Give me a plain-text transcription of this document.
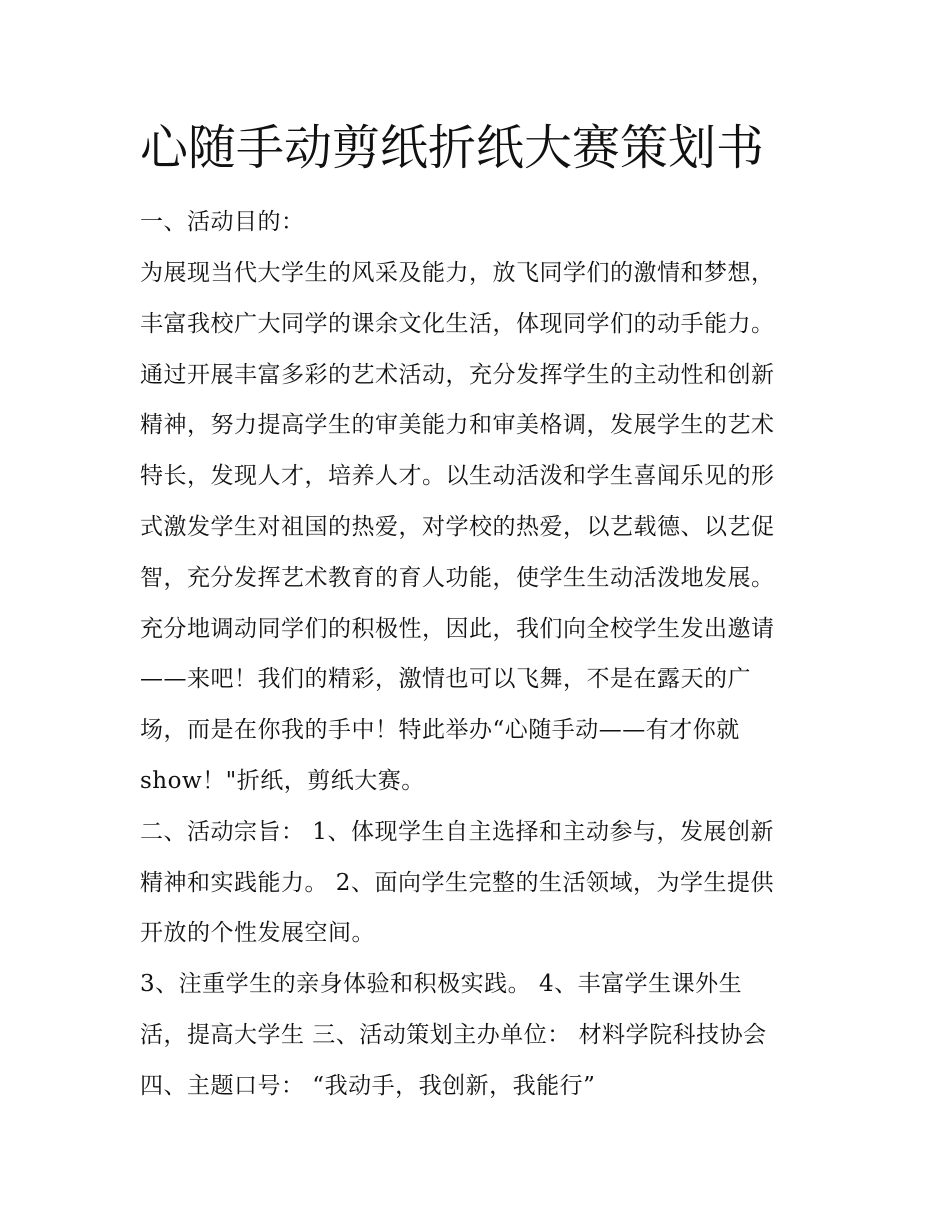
心随手动剪纸折纸大赛策划书

一、活动目的：

为展现当代大学生的风采及能力，放飞同学们的激情和梦想，

丰富我校广大同学的课余文化生活，体现同学们的动手能力。

通过开展丰富多彩的艺术活动，充分发挥学生的主动性和创新

精神，努力提高学生的审美能力和审美格调，发展学生的艺术

特长，发现人才，培养人才。以生动活泼和学生喜闻乐见的形

式激发学生对祖国的热爱，对学校的热爱，以艺载德、以艺促

智，充分发挥艺术教育的育人功能，使学生生动活泼地发展。

充分地调动同学们的积极性，因此，我们向全校学生发出邀请

——来吧！我们的精彩，激情也可以飞舞，不是在露天的广

场，而是在你我的手中！特此举办“心随手动——有才你就

show！"折纸，剪纸大赛。

二、活动宗旨： 1、体现学生自主选择和主动参与，发展创新

精神和实践能力。 2、面向学生完整的生活领域，为学生提供

开放的个性发展空间。

3、注重学生的亲身体验和积极实践。 4、丰富学生课外生

活，提高大学生 三、活动策划主办单位： 材料学院科技协会

四、主题口号： “我动手，我创新，我能行”
